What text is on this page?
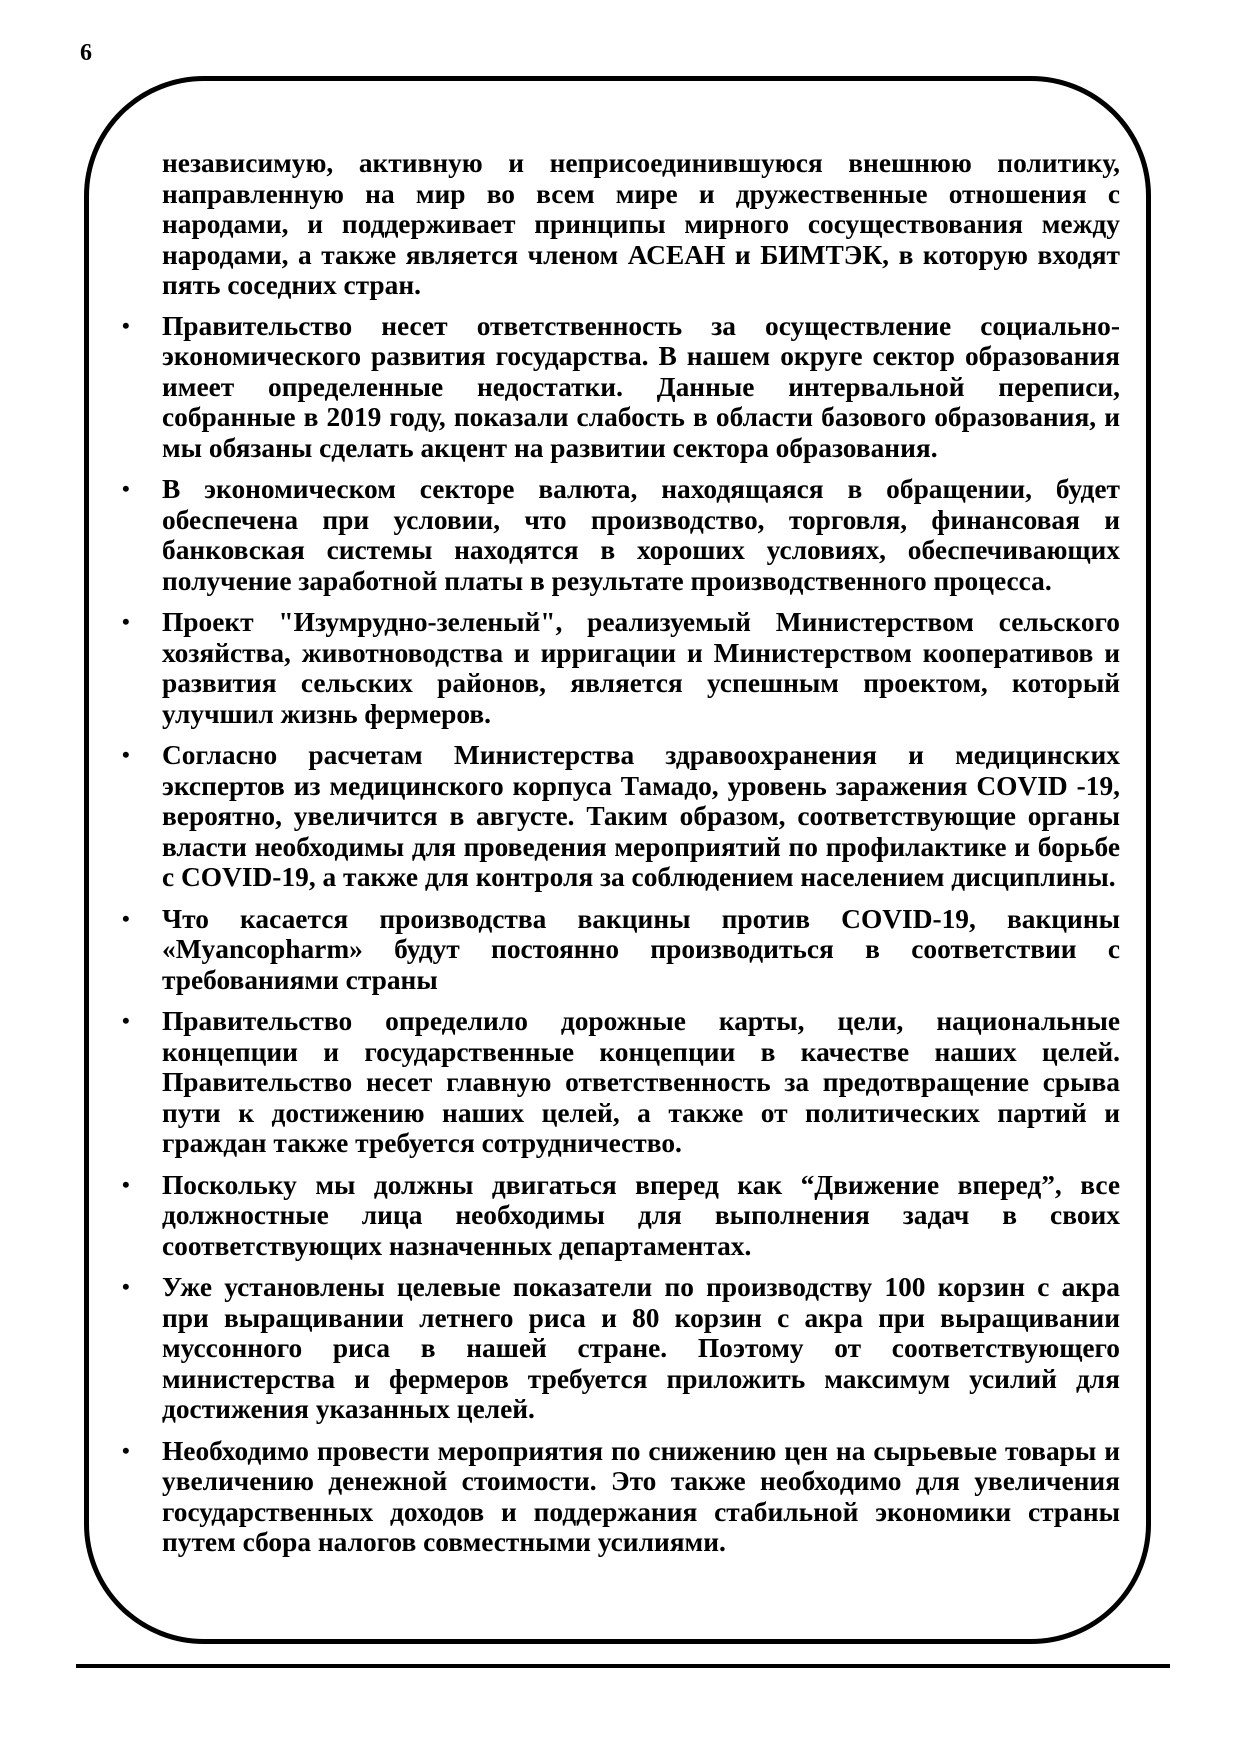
6

независимую, активную и неприсоединившуюся внешнюю политику, направленную на мир во всем мире и дружественные отношения с народами, и поддерживает принципы мирного сосуществования между народами, а также является членом АСЕАН и БИМТЭК, в которую входят пять соседних стран.

• Правительство несет ответственность за осуществление социально-экономического развития государства. В нашем округе сектор образования имеет определенные недостатки. Данные интервальной переписи, собранные в 2019 году, показали слабость в области базового образования, и мы обязаны сделать акцент на развитии сектора образования.
• В экономическом секторе валюта, находящаяся в обращении, будет обеспечена при условии, что производство, торговля, финансовая и банковская системы находятся в хороших условиях, обеспечивающих получение заработной платы в результате производственного процесса.
• Проект "Изумрудно-зеленый", реализуемый Министерством сельского хозяйства, животноводства и ирригации и Министерством кооперативов и развития сельских районов, является успешным проектом, который улучшил жизнь фермеров.
• Согласно расчетам Министерства здравоохранения и медицинских экспертов из медицинского корпуса Тамадо, уровень заражения COVID -19, вероятно, увеличится в августе. Таким образом, соответствующие органы власти необходимы для проведения мероприятий по профилактике и борьбе с COVID-19, а также для контроля за соблюдением населением дисциплины.
• Что касается производства вакцины против COVID-19, вакцины «Myancopharm» будут постоянно производиться в соответствии с требованиями страны
• Правительство определило дорожные карты, цели, национальные концепции и государственные концепции в качестве наших целей. Правительство несет главную ответственность за предотвращение срыва пути к достижению наших целей, а также от политических партий и граждан также требуется сотрудничество.
• Поскольку мы должны двигаться вперед как “Движение вперед”, все должностные лица необходимы для выполнения задач в своих соответствующих назначенных департаментах.
• Уже установлены целевые показатели по производству 100 корзин с акра при выращивании летнего риса и 80 корзин с акра при выращивании муссонного риса в нашей стране. Поэтому от соответствующего министерства и фермеров требуется приложить максимум усилий для достижения указанных целей.
• Необходимо провести мероприятия по снижению цен на сырьевые товары и увеличению денежной стоимости. Это также необходимо для увеличения государственных доходов и поддержания стабильной экономики страны путем сбора налогов совместными усилиями.
